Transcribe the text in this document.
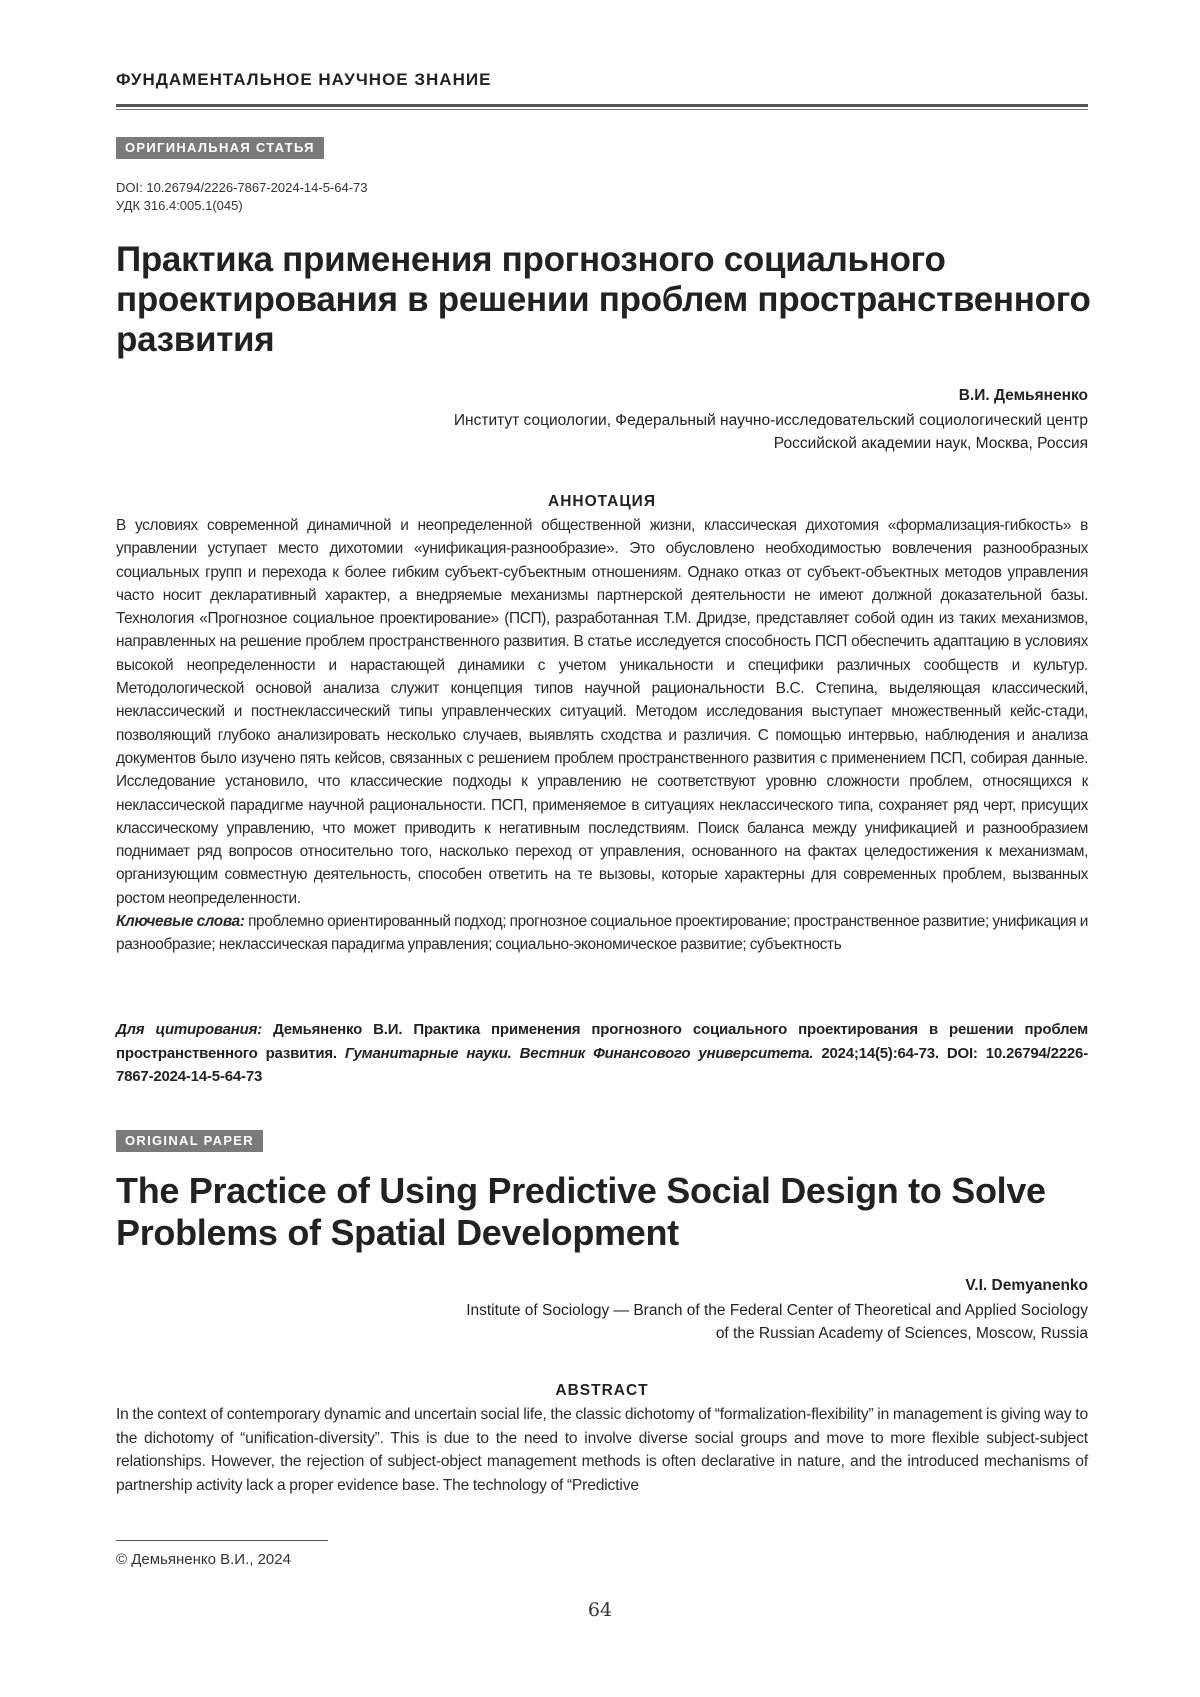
ФУНДАМЕНТАЛЬНОЕ НАУЧНОЕ ЗНАНИЕ
ОРИГИНАЛЬНАЯ СТАТЬЯ
DOI: 10.26794/2226-7867-2024-14-5-64-73
УДК 316.4:005.1(045)
Практика применения прогнозного социального проектирования в решении проблем пространственного развития
В.И. Демьяненко
Институт социологии, Федеральный научно-исследовательский социологический центр
Российской академии наук, Москва, Россия
АННОТАЦИЯ
В условиях современной динамичной и неопределенной общественной жизни, классическая дихотомия «формализация-гибкость» в управлении уступает место дихотомии «унификация-разнообразие». Это обусловлено необходимостью вовлечения разнообразных социальных групп и перехода к более гибким субъект-субъектным отношениям. Однако отказ от субъект-объектных методов управления часто носит декларативный характер, а внедряемые механизмы партнерской деятельности не имеют должной доказательной базы. Технология «Прогнозное социальное проектирование» (ПСП), разработанная Т.М. Дридзе, представляет собой один из таких механизмов, направленных на решение проблем пространственного развития. В статье исследуется способность ПСП обеспечить адаптацию в условиях высокой неопределенности и нарастающей динамики с учетом уникальности и специфики различных сообществ и культур. Методологической основой анализа служит концепция типов научной рациональности В.С. Степина, выделяющая классический, неклассический и постнеклассический типы управленческих ситуаций. Методом исследования выступает множественный кейс-стади, позволяющий глубоко анализировать несколько случаев, выявлять сходства и различия. С помощью интервью, наблюдения и анализа документов было изучено пять кейсов, связанных с решением проблем пространственного развития с применением ПСП, собирая данные. Исследование установило, что классические подходы к управлению не соответствуют уровню сложности проблем, относящихся к неклассической парадигме научной рациональности. ПСП, применяемое в ситуациях неклассического типа, сохраняет ряд черт, присущих классическому управлению, что может приводить к негативным последствиям. Поиск баланса между унификацией и разнообразием поднимает ряд вопросов относительно того, насколько переход от управления, основанного на фактах целедостижения к механизмам, организующим совместную деятельность, способен ответить на те вызовы, которые характерны для современных проблем, вызванных ростом неопределенности.
Ключевые слова: проблемно ориентированный подход; прогнозное социальное проектирование; пространственное развитие; унификация и разнообразие; неклассическая парадигма управления; социально-экономическое развитие; субъектность

Для цитирования: Демьяненко В.И. Практика применения прогнозного социального проектирования в решении проблем пространственного развития. Гуманитарные науки. Вестник Финансового университета. 2024;14(5):64-73. DOI: 10.26794/2226-7867-2024-14-5-64-73

ORIGINAL PAPER
The Practice of Using Predictive Social Design to Solve Problems of Spatial Development
V.I. Demyanenko
Institute of Sociology — Branch of the Federal Center of Theoretical and Applied Sociology
of the Russian Academy of Sciences, Moscow, Russia
ABSTRACT
In the context of contemporary dynamic and uncertain social life, the classic dichotomy of “formalization-flexibility” in management is giving way to the dichotomy of “unification-diversity”. This is due to the need to involve diverse social groups and move to more flexible subject-subject relationships. However, the rejection of subject-object management methods is often declarative in nature, and the introduced mechanisms of partnership activity lack a proper evidence base. The technology of “Predictive
© Демьяненко В.И., 2024
64
